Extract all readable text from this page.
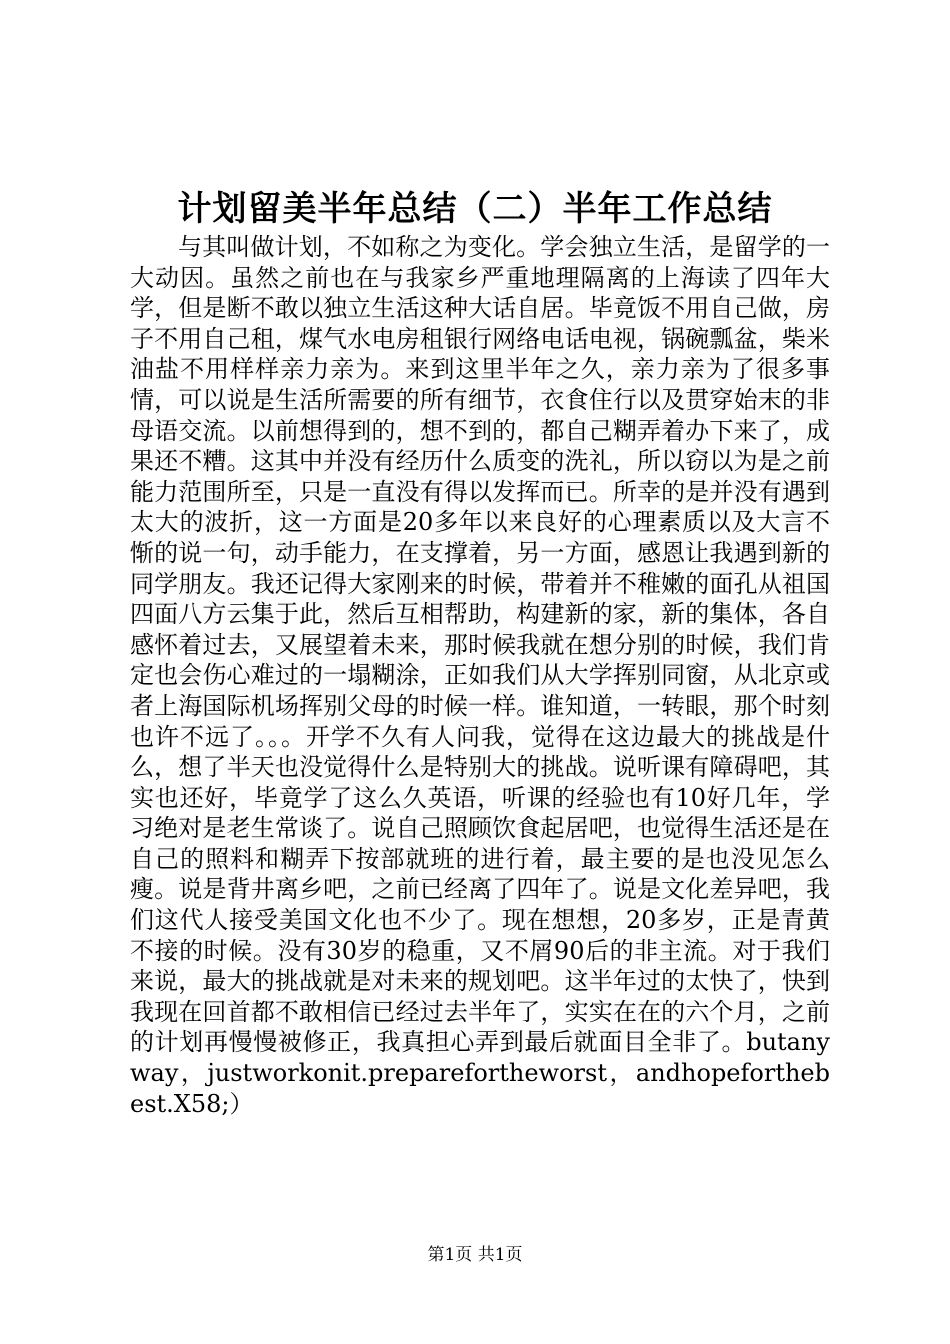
计划留美半年总结（二）半年工作总结

与其叫做计划，不如称之为变化。学会独立生活，是留学的一大动因。虽然之前也在与我家乡严重地理隔离的上海读了四年大学，但是断不敢以独立生活这种大话自居。毕竟饭不用自己做，房子不用自己租，煤气水电房租银行网络电话电视，锅碗瓢盆，柴米油盐不用样样亲力亲为。来到这里半年之久，亲力亲为了很多事情，可以说是生活所需要的所有细节，衣食住行以及贯穿始末的非母语交流。以前想得到的，想不到的，都自己糊弄着办下来了，成果还不糟。这其中并没有经历什么质变的洗礼，所以窃以为是之前能力范围所至，只是一直没有得以发挥而已。所幸的是并没有遇到太大的波折，这一方面是20多年以来良好的心理素质以及大言不惭的说一句，动手能力，在支撑着，另一方面，感恩让我遇到新的同学朋友。我还记得大家刚来的时候，带着并不稚嫩的面孔从祖国四面八方云集于此，然后互相帮助，构建新的家，新的集体，各自感怀着过去，又展望着未来，那时候我就在想分别的时候，我们肯定也会伤心难过的一塌糊涂，正如我们从大学挥别同窗，从北京或者上海国际机场挥别父母的时候一样。谁知道，一转眼，那个时刻也许不远了。。。开学不久有人问我，觉得在这边最大的挑战是什么，想了半天也没觉得什么是特别大的挑战。说听课有障碍吧，其实也还好，毕竟学了这么久英语，听课的经验也有10好几年，学习绝对是老生常谈了。说自己照顾饮食起居吧，也觉得生活还是在自己的照料和糊弄下按部就班的进行着，最主要的是也没见怎么瘦。说是背井离乡吧，之前已经离了四年了。说是文化差异吧，我们这代人接受美国文化也不少了。现在想想，20多岁，正是青黄不接的时候。没有30岁的稳重，又不屑90后的非主流。对于我们来说，最大的挑战就是对未来的规划吧。这半年过的太快了，快到我现在回首都不敢相信已经过去半年了，实实在在的六个月，之前的计划再慢慢被修正，我真担心弄到最后就面目全非了。butanyway，justworkonit.preparefortheworst，andhopeforthebest.X58;）

第1页 共1页
